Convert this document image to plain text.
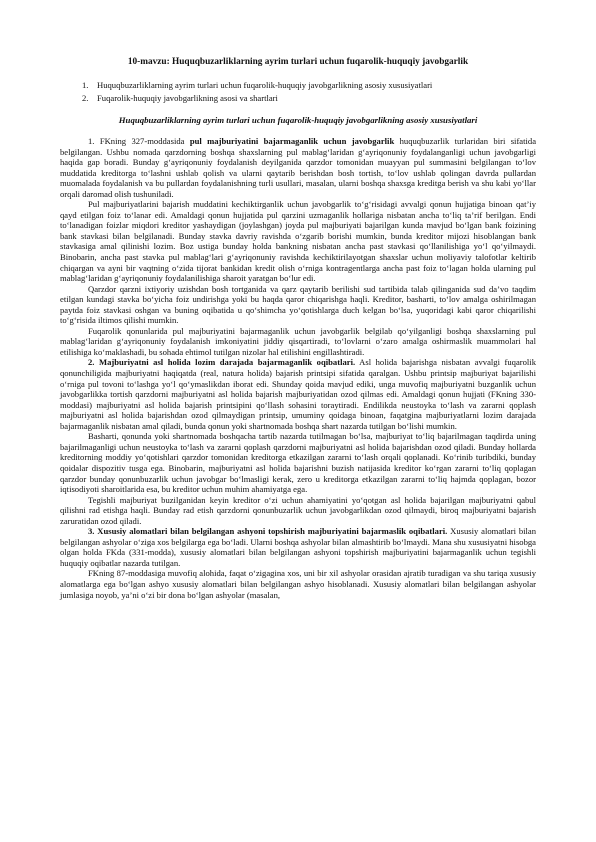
10-mavzu: Huquqbuzarliklarning ayrim turlari uchun fuqarolik-huquqiy javobgarlik
1. Huquqbuzarliklarning ayrim turlari uchun fuqarolik-huquqiy javobgarlikning asosiy xususiyatlari
2. Fuqarolik-huquqiy javobgarlikning asosi va shartlari
Huquqbuzarliklarning ayrim turlari uchun fuqarolik-huquqiy javobgarlikning asosiy xususiyatlari

1. FKning 327-moddasida pul majburiyatini bajarmaganlik uchun javobgarlik huquqbuzarlik turlaridan biri sifatida belgilangan. Ushbu nomada qarzdorning boshqa shaxslarning pul mablag‘laridan g‘ayriqonuniy foydalanganligi uchun javobgarligi haqida gap boradi. Bunday g‘ayriqonuniy foydalanish deyilganida qarzdor tomonidan muayyan pul summasini belgilangan to‘lov muddatida kreditorga to‘lashni ushlab qolish va ularni qaytarib berishdan bosh tortish, to‘lov ushlab qolingan davrda pullardan muomalada foydalanish va bu pullardan foydalanishning turli usullari, masalan, ularni boshqa shaxsga kreditga berish va shu kabi yo‘llar orqali daromad olish tushuniladi.

Pul majburiyatlarini bajarish muddatini kechiktirganlik uchun javobgarlik to‘g‘risidagi avvalgi qonun hujjatiga binoan qat’iy qayd etilgan foiz to‘lanar edi. Amaldagi qonun hujjatida pul qarzini uzmaganlik hollariga nisbatan ancha to‘liq ta’rif berilgan. Endi to‘lanadigan foizlar miqdori kreditor yashaydigan (joylashgan) joyda pul majburiyati bajarilgan kunda mavjud bo‘lgan bank foizining bank stavkasi bilan belgilanadi. Bunday stavka davriy ravishda o‘zgarib borishi mumkin, bunda kreditor mijozi hisoblangan bank stavkasiga amal qilinishi lozim. Boz ustiga bunday holda bankning nisbatan ancha past stavkasi qo‘llanilishiga yo‘l qo‘yilmaydi. Binobarin, ancha past stavka pul mablag‘lari g‘ayriqonuniy ravishda kechiktirilayotgan shaxslar uchun moliyaviy talofotlar keltirib chiqargan va ayni bir vaqtning o‘zida tijorat bankidan kredit olish o‘rniga kontragentlarga ancha past foiz to‘lagan holda ularning pul mablag‘laridan g‘ayriqonuniy foydalanilishiga sharoit yaratgan bo‘lur edi.

Qarzdor qarzni ixtiyoriy uzishdan bosh tortganida va qarz qaytarib berilishi sud tartibida talab qilinganida sud da’vo taqdim etilgan kundagi stavka bo‘yicha foiz undirishga yoki bu haqda qaror chiqarishga haqli. Kreditor, basharti, to‘lov amalga oshirilmagan paytda foiz stavkasi oshgan va buning oqibatida u qo‘shimcha yo‘qotishlarga duch kelgan bo‘lsa, yuqoridagi kabi qaror chiqarilishi to‘g‘risida iltimos qilishi mumkin.

Fuqarolik qonunlarida pul majburiyatini bajarmaganlik uchun javobgarlik belgilab qo‘yilganligi boshqa shaxslarning pul mablag‘laridan g‘ayriqonuniy foydalanish imkoniyatini jiddiy qisqartiradi, to‘lovlarni o‘zaro amalga oshirmaslik muammolari hal etilishiga ko‘maklashadi, bu sohada ehtimol tutilgan nizolar hal etilishini engillashtiradi.

2. Majburiyatni asl holida lozim darajada bajarmaganlik oqibatlari. Asl holida bajarishga nisbatan avvalgi fuqarolik qonunchiligida majburiyatni haqiqatda (real, natura holida) bajarish printsipi sifatida qaralgan. Ushbu printsip majburiyat bajarilishi o‘rniga pul tovoni to‘lashga yo‘l qo‘ymaslikdan iborat edi. Shunday qoida mavjud ediki, unga muvofiq majburiyatni buzganlik uchun javobgarlikka tortish qarzdorni majburiyatni asl holida bajarish majburiyatidan ozod qilmas edi. Amaldagi qonun hujjati (FKning 330-moddasi) majburiyatni asl holida bajarish printsipini qo‘llash sohasini toraytiradi. Endilikda neustoyka to‘lash va zararni qoplash majburiyatni asl holida bajarishdan ozod qilmaydigan printsip, umuminy qoidaga binoan, faqatgina majburiyatlarni lozim darajada bajarmaganlik nisbatan amal qiladi, bunda qonun yoki shartnomada boshqa shart nazarda tutilgan bo‘lishi mumkin.

Basharti, qonunda yoki shartnomada boshqacha tartib nazarda tutilmagan bo‘lsa, majburiyat to‘liq bajarilmagan taqdirda uning bajarilmaganligi uchun neustoyka to‘lash va zararni qoplash qarzdorni majburiyatni asl holida bajarishdan ozod qiladi. Bunday hollarda kreditorning moddiy yo‘qotishlari qarzdor tomonidan kreditorga etkazilgan zararni to‘lash orqali qoplanadi. Ko‘rinib turibdiki, bunday qoidalar dispozitiv tusga ega. Binobarin, majburiyatni asl holida bajarishni buzish natijasida kreditor ko‘rgan zararni to‘liq qoplagan qarzdor bunday qonunbuzarlik uchun javobgar bo‘lmasligi kerak, zero u kreditorga etkazilgan zararni to‘liq hajmda qoplagan, bozor iqtisodiyoti sharoitlarida esa, bu kreditor uchun muhim ahamiyatga ega.

Tegishli majburiyat buzilganidan keyin kreditor o‘zi uchun ahamiyatini yo‘qotgan asl holida bajarilgan majburiyatni qabul qilishni rad etishga haqli. Bunday rad etish qarzdorni qonunbuzarlik uchun javobgarlikdan ozod qilmaydi, biroq majburiyatni bajarish zaruratidan ozod qiladi.

3. Xususiy alomatlari bilan belgilangan ashyoni topshirish majburiyatini bajarmaslik oqibatlari. Xususiy alomatlari bilan belgilangan ashyolar o‘ziga xos belgilarga ega bo‘ladi. Ularni boshqa ashyolar bilan almashtirib bo‘lmaydi. Mana shu xususiyatni hisobga olgan holda FKda (331-modda), xususiy alomatlari bilan belgilangan ashyoni topshirish majburiyatini bajarmaganlik uchun tegishli huquqiy oqibatlar nazarda tutilgan.

FKning 87-moddasiga muvofiq alohida, faqat o‘zigagina xos, uni bir xil ashyolar orasidan ajratib turadigan va shu tariqa xususiy alomatlarga ega bo‘lgan ashyo xususiy alomatlari bilan belgilangan ashyo hisoblanadi. Xususiy alomatlari bilan belgilangan ashyolar jumlasiga noyob, ya’ni o‘zi bir dona bo‘lgan ashyolar (masalan,
